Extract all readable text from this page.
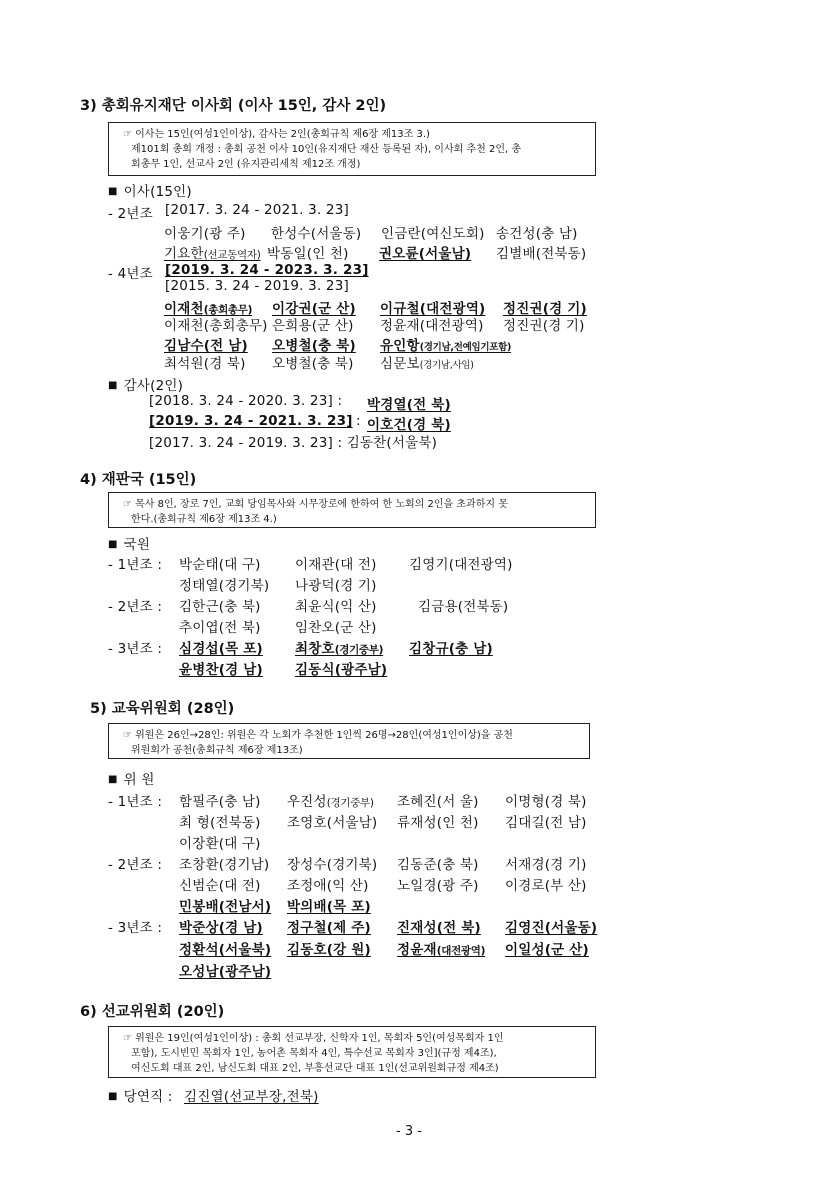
3) 총회유지재단 이사회 (이사 15인, 감사 2인)
☞ 이사는 15인(여성1인이상), 감사는 2인(총회규칙 제6장 제13조 3.)
제101회 총회 개정 : 총회 공천 이사 10인(유지재단 재산 등록된 자), 이사회 추천 2인, 총
회총무 1인, 선교사 2인 (유지관리세칙 제12조 개정)
■ 이사(15인)
- 2년조 [2017. 3. 24 - 2021. 3. 23]
이웅기(광 주) 한성수(서울동) 인금란(여신도회) 송건성(충 남)
기요한(선교동역자) 박동일(인 천) 권오륜(서울남) 김별배(전북동)
- 4년조 [2019. 3. 24 - 2023. 3. 23]
[2015. 3. 24 - 2019. 3. 23]
이재천(총회총무) 이강권(군 산) 이규철(대전광역) 정진권(경 기)
이재천(총회총무) 은희용(군 산) 정윤재(대전광역) 정진권(경 기)
김남수(전 남) 오병철(충 북) 유인항(경기남,전예임기포함)
최석원(경 북) 오병철(충 북) 심문보(경기남,사임)
■ 감사(2인)
[2018. 3. 24 - 2020. 3. 23] : 박경열(전 북)
[2019. 3. 24 - 2021. 3. 23] : 이호건(경 북)
[2017. 3. 24 - 2019. 3. 23] : 김동찬(서울북)
4) 재판국 (15인)
☞ 목사 8인, 장로 7인, 교회 당임목사와 시무장로에 한하여 한 노회의 2인을 초과하지 못
한다.(총회규칙 제6장 제13조 4.)
■ 국원
- 1년조 : 박순태(대 구)	이재관(대 전) 김영기(대전광역)
정태열(경기북) 나광덕(경 기)
- 2년조 : 김한근(충 북)	최윤식(익 산)	김금용(전북동)
추이엽(전 북)	임찬오(군 산)
- 3년조 : 심경섭(목 포) 최창호(경기중부) 김창규(충 남)
윤병찬(경 남) 김동식(광주남)
5) 교육위원회 (28인)
☞ 위원은 26인→28인: 위원은 각 노회가 추천한 1인씩 26명→28인(여성1인이상)을 공천
위원회가 공천(총회규칙 제6장 제13조)
■ 위 원
- 1년조 : 함필주(충 남) 우진성(경기중부) 조혜진(서 울) 이명형(경 북)
최 형(전북동) 조영호(서울남) 류재성(인 천) 김대길(전 남)
이장환(대 구)
- 2년조 : 조창환(경기남) 장성수(경기북) 김동준(충 북) 서재경(경 기)
신범순(대 전) 조정애(익 산) 노일경(광 주) 이경로(부 산)
민봉배(전남서) 박의배(목 포)
- 3년조 : 박준상(경 남) 정구철(제 주) 진재성(전 북) 김영진(서울동)
정환석(서울북) 김동호(강 원) 정윤재(대전광역) 이일성(군 산)
오성남(광주남)
6) 선교위원회 (20인)
☞ 위원은 19인(여성1인이상) : 총회 선교부장, 신학자 1인, 목회자 5인(여성목회자 1인
포함), 도시빈민 목회자 1인, 농어촌 목회자 4인, 특수선교 목회자 3인](규정 제4조),
여신도회 대표 2인, 남신도회 대표 2인, 부흥선교단 대표 1인(선교위원회규정 제4조)
■ 당연직 : 김진열(선교부장,전북)
- 3 -
